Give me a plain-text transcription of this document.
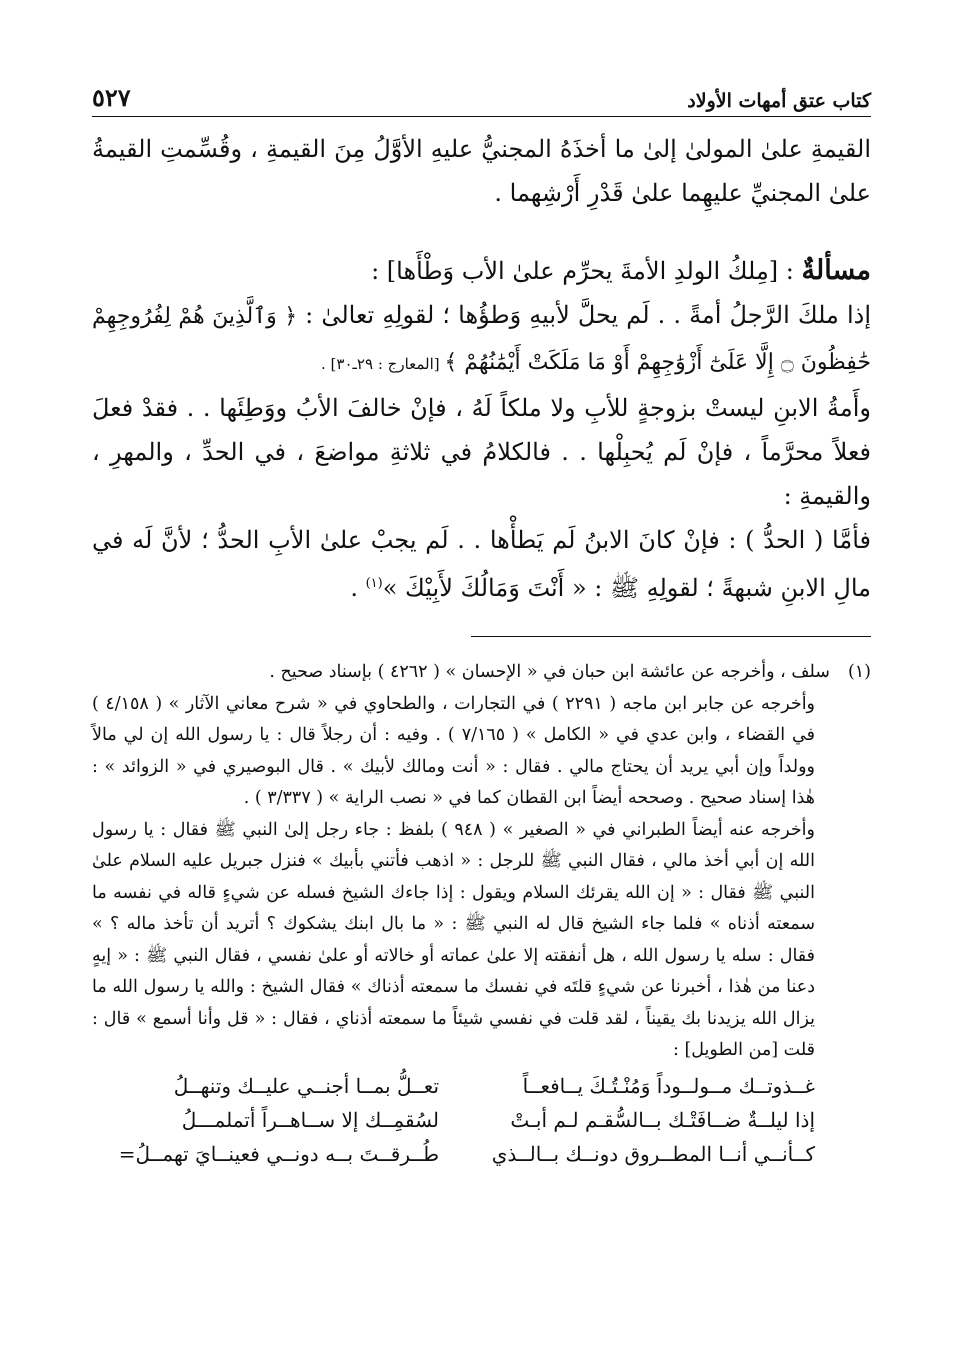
كتاب عتق أمهات الأولاد
٥٢٧

القيمةِ علىٰ المولىٰ إلىٰ ما أخذَهُ المجنيُّ عليهِ الأوَّلُ مِنَ القيمةِ ، وقُسِّمتِ القيمةُ علىٰ المجنيِّ عليهِما علىٰ قَدْرِ أَرْشِهما .

مسألةٌ : [مِلكُ الولدِ الأمةَ يحرِّم علىٰ الأب وَطْأَها] :

إذا ملكَ الرَّجلُ أمةً . . لَم يحلَّ لأبيهِ وَطؤُها ؛ لقولِهِ تعالىٰ : ﴿ وَٱلَّذِينَ هُمْ لِفُرُوجِهِمْ حَٰفِظُونَ ۝ إِلَّا عَلَىٰٓ أَزْوَٰجِهِمْ أَوْ مَا مَلَكَتْ أَيْمَٰنُهُمْ ﴾ [المعارج : ٢٩ـ٣٠] .

وأَمةُ الابنِ ليستْ بزوجةٍ للأبِ ولا ملكاً لَهُ ، فإنْ خالفَ الأبُ ووَطِئَها . . فقدْ فعلَ فعلاً محرَّماً ، فإنْ لَم يُحبِلْها . . فالكلامُ في ثلاثةِ مواضعَ ، في الحدِّ ، والمهرِ ، والقيمةِ :

فأمَّا ( الحدُّ ) : فإنْ كانَ الابنُ لَم يَطأْها . . لَم يجبْ علىٰ الأبِ الحدُّ ؛ لأنَّ لَه في مالِ الابنِ شبهةً ؛ لقولِهِ ﷺ : « أَنْتَ وَمَالُكَ لأَبِيْكَ »$^{(١)}$ .

(١)
سلف ، وأخرجه عن عائشة ابن حبان في « الإحسان » ( ٤٢٦٢ ) بإسناد صحيح .

وأخرجه عن جابر ابن ماجه ( ٢٢٩١ ) في التجارات ، والطحاوي في « شرح معاني الآثار » ( ٤/١٥٨ ) في القضاء ، وابن عدي في « الكامل » ( ٧/١٦٥ ) . وفيه : أن رجلاً قال : يا رسول الله إن لي مالاً وولداً وإن أبي يريد أن يحتاج مالي . فقال : « أنت ومالك لأبيك » . قال البوصيري في « الزوائد » : هٰذا إسناد صحيح . وصححه أيضاً ابن القطان كما في « نصب الراية » ( ٣/٣٣٧ ) .

وأخرجه عنه أيضاً الطبراني في « الصغير » ( ٩٤٨ ) بلفظ : جاء رجل إلىٰ النبي ﷺ فقال : يا رسول الله إن أبي أخذ مالي ، فقال النبي ﷺ للرجل : « اذهب فأتني بأبيك » فنزل جبريل عليه السلام علىٰ النبي ﷺ فقال : « إن الله يقرئك السلام ويقول : إذا جاءك الشيخ فسله عن شيءٍ قاله في نفسه ما سمعته أذناه » فلما جاء الشيخ قال له النبي ﷺ : « ما بال ابنك يشكوك ؟ أتريد أن تأخذ ماله ؟ » فقال : سله يا رسول الله ، هل أنفقته إلا علىٰ عماته أو خالاته أو علىٰ نفسي ، فقال النبي ﷺ : « إيهٍ دعنا من هٰذا ، أخبرنا عن شيءٍ قلتَه في نفسك ما سمعته أذناك » فقال الشيخ : والله يا رسول الله ما يزال الله يزيدنا بك يقيناً ، لقد قلت في نفسي شيئاً ما سمعته أذناي ، فقال : « قل وأنا أسمع » قال : قلت [من الطويل] :

غــذوتــك مــولــوداً وَمُنْـتُـكَ يــافعــاً
تعــلُّ بمــا أجنــي عليــك وتنهــلُ
إذا ليلــةٌ ضــافَتْـك بــالسُّقـم لـم أبـتْ
لسُقمِــك إلا ســاهــراً أتملمـــلُ
كــأنــي أنــا المطــروق دونــك بــالــذي
طُــرقــتَ بــه دونــي فعينــايَ تهمــلُ=
